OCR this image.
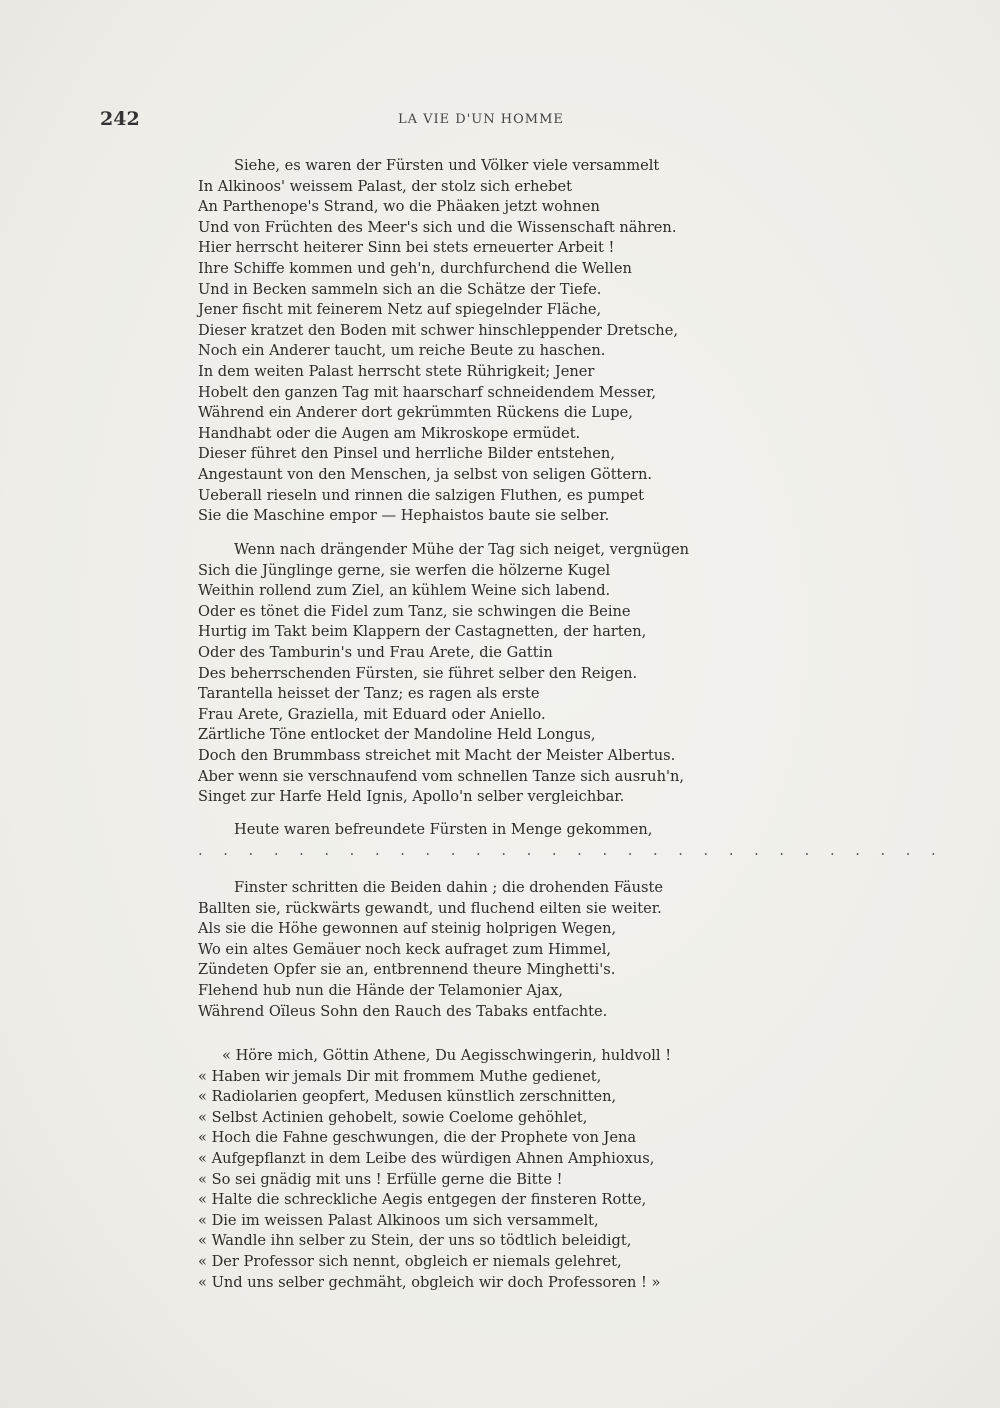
242	LA VIE D'UN HOMME
Siehe, es waren der Fürsten und Völker viele versammelt
In Alkinoos' weissem Palast, der stolz sich erhebet
An Parthenope's Strand, wo die Phäaken jetzt wohnen
Und von Früchten des Meer's sich und die Wissenschaft nähren.
Hier herrscht heiterer Sinn bei stets erneuerter Arbeit !
Ihre Schiffe kommen und geh'n, durchfurchend die Wellen
Und in Becken sammeln sich an die Schätze der Tiefe.
Jener fischt mit feinerem Netz auf spiegelnder Fläche,
Dieser kratzet den Boden mit schwer hinschleppender Dretsche,
Noch ein Anderer taucht, um reiche Beute zu haschen.
In dem weiten Palast herrscht stete Rührigkeit; Jener
Hobelt den ganzen Tag mit haarscharf schneidendem Messer,
Während ein Anderer dort gekrümmten Rückens die Lupe,
Handhabt oder die Augen am Mikroskope ermüdet.
Dieser führet den Pinsel und herrliche Bilder entstehen,
Angestaunt von den Menschen, ja selbst von seligen Göttern.
Ueberall rieseln und rinnen die salzigen Fluthen, es pumpet
Sie die Maschine empor — Hephaistos baute sie selber.
Wenn nach drängender Mühe der Tag sich neiget, vergnügen
Sich die Jünglinge gerne, sie werfen die hölzerne Kugel
Weithin rollend zum Ziel, an kühlem Weine sich labend.
Oder es tönet die Fidel zum Tanz, sie schwingen die Beine
Hurtig im Takt beim Klappern der Castagnetten, der harten,
Oder des Tamburin's und Frau Arete, die Gattin
Des beherrschenden Fürsten, sie führet selber den Reigen.
Tarantella heisset der Tanz; es ragen als erste
Frau Arete, Graziella, mit Eduard oder Aniello.
Zärtliche Töne entlocket der Mandoline Held Longus,
Doch den Brummbass streichet mit Macht der Meister Albertus.
Aber wenn sie verschnaufend vom schnellen Tanze sich ausruh'n,
Singet zur Harfe Held Ignis, Apollo'n selber vergleichbar.
Heute waren befreundete Fürsten in Menge gekommen,
. . . . . . . . . . . . . . . . . . . . . . . . . . . . . .
Finster schritten die Beiden dahin ; die drohenden Fäuste
Ballten sie, rückwärts gewandt, und fluchend eilten sie weiter.
Als sie die Höhe gewonnen auf steinig holprigen Wegen,
Wo ein altes Gemäuer noch keck aufraget zum Himmel,
Zündeten Opfer sie an, entbrennend theure Minghetti's.
Flehend hub nun die Hände der Telamonier Ajax,
Während Oïleus Sohn den Rauch des Tabaks entfachte.
« Höre mich, Göttin Athene, Du Aegisschwingerin, huldvoll !
« Haben wir jemals Dir mit frommem Muthe gedienet,
« Radiolarien geopfert, Medusen künstlich zerschnitten,
« Selbst Actinien gehobelt, sowie Coelome gehöhlet,
« Hoch die Fahne geschwungen, die der Prophete von Jena
« Aufgepflanzt in dem Leibe des würdigen Ahnen Amphioxus,
« So sei gnädig mit uns ! Erfülle gerne die Bitte !
« Halte die schreckliche Aegis entgegen der finsteren Rotte,
« Die im weissen Palast Alkinoos um sich versammelt,
« Wandle ihn selber zu Stein, der uns so tödtlich beleidigt,
« Der Professor sich nennt, obgleich er niemals gelehret,
« Und uns selber gechmäht, obgleich wir doch Professoren ! »
